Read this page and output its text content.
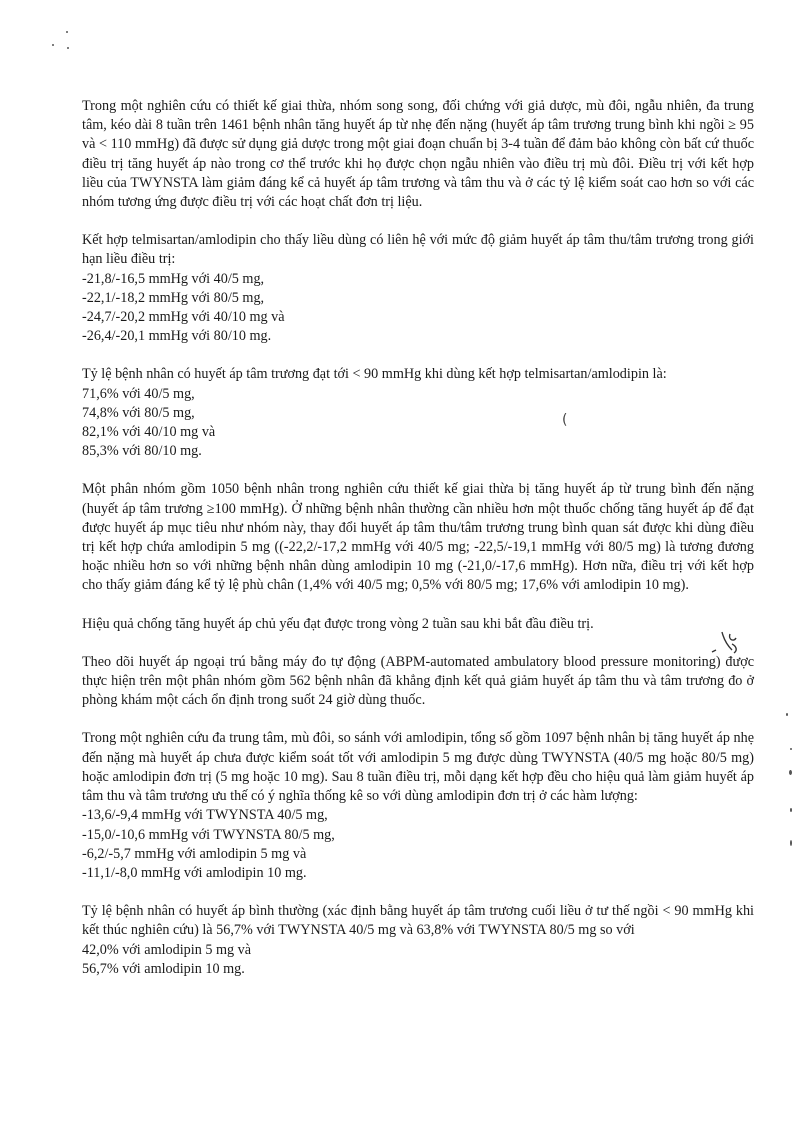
(

Trong một nghiên cứu có thiết kế giai thừa, nhóm song song, đối chứng với giả dược, mù đôi, ngẫu nhiên, đa trung tâm, kéo dài 8 tuần trên 1461 bệnh nhân tăng huyết áp từ nhẹ đến nặng (huyết áp tâm trương trung bình khi ngồi ≥ 95 và < 110 mmHg) đã được sử dụng giả dược trong một giai đoạn chuẩn bị 3-4 tuần để đảm bảo không còn bất cứ thuốc điều trị tăng huyết áp nào trong cơ thể trước khi họ được chọn ngẫu nhiên vào điều trị mù đôi. Điều trị với kết hợp liều của TWYNSTA làm giảm đáng kể cả huyết áp tâm trương và tâm thu và ở các tỷ lệ kiểm soát cao hơn so với các nhóm tương ứng được điều trị với các hoạt chất đơn trị liệu.

Kết hợp telmisartan/amlodipin cho thấy liều dùng có liên hệ với mức độ giảm huyết áp tâm thu/tâm trương trong giới hạn liều điều trị:
-21,8/-16,5 mmHg với 40/5 mg,
-22,1/-18,2 mmHg với 80/5 mg,
-24,7/-20,2 mmHg với 40/10 mg và
-26,4/-20,1 mmHg với 80/10 mg.
Tỷ lệ bệnh nhân có huyết áp tâm trương đạt tới < 90 mmHg khi dùng kết hợp telmisartan/amlodipin là:
71,6% với 40/5 mg,
74,8% với 80/5 mg,
82,1% với 40/10 mg và
85,3% với 80/10 mg.

Một phân nhóm gồm 1050 bệnh nhân trong nghiên cứu thiết kế giai thừa bị tăng huyết áp từ trung bình đến nặng (huyết áp tâm trương ≥100 mmHg). Ở những bệnh nhân thường cần nhiều hơn một thuốc chống tăng huyết áp để đạt được huyết áp mục tiêu như nhóm này, thay đổi huyết áp tâm thu/tâm trương trung bình quan sát được khi dùng điều trị kết hợp chứa amlodipin 5 mg ((-22,2/-17,2 mmHg với 40/5 mg; -22,5/-19,1 mmHg với 80/5 mg) là tương đương hoặc nhiều hơn so với những bệnh nhân dùng amlodipin 10 mg (-21,0/-17,6 mmHg). Hơn nữa, điều trị với kết hợp cho thấy giảm đáng kể tỷ lệ phù chân (1,4% với 40/5 mg; 0,5% với 80/5 mg; 17,6% với amlodipin 10 mg).

Hiệu quả chống tăng huyết áp chủ yếu đạt được trong vòng 2 tuần sau khi bắt đầu điều trị.

Theo dõi huyết áp ngoại trú bằng máy đo tự động (ABPM-automated ambulatory blood pressure monitoring) được thực hiện trên một phân nhóm gồm 562 bệnh nhân đã khẳng định kết quả giảm huyết áp tâm thu và tâm trương đo ở phòng khám một cách ổn định trong suốt 24 giờ dùng thuốc.

Trong một nghiên cứu đa trung tâm, mù đôi, so sánh với amlodipin, tổng số gồm 1097 bệnh nhân bị tăng huyết áp nhẹ đến nặng mà huyết áp chưa được kiểm soát tốt với amlodipin 5 mg được dùng TWYNSTA (40/5 mg hoặc 80/5 mg) hoặc amlodipin đơn trị (5 mg hoặc 10 mg). Sau 8 tuần điều trị, mỗi dạng kết hợp đều cho hiệu quả làm giảm huyết áp tâm thu và tâm trương ưu thế có ý nghĩa thống kê so với dùng amlodipin đơn trị ở các hàm lượng:
-13,6/-9,4 mmHg với TWYNSTA 40/5 mg,
-15,0/-10,6 mmHg với TWYNSTA 80/5 mg,
-6,2/-5,7 mmHg với amlodipin 5 mg và
-11,1/-8,0 mmHg với amlodipin 10 mg.
Tỷ lệ bệnh nhân có huyết áp bình thường (xác định bằng huyết áp tâm trương cuối liều ở tư thế ngồi < 90 mmHg khi kết thúc nghiên cứu) là 56,7% với TWYNSTA 40/5 mg và 63,8% với TWYNSTA 80/5 mg so với
42,0% với amlodipin 5 mg và
56,7% với amlodipin 10 mg.
